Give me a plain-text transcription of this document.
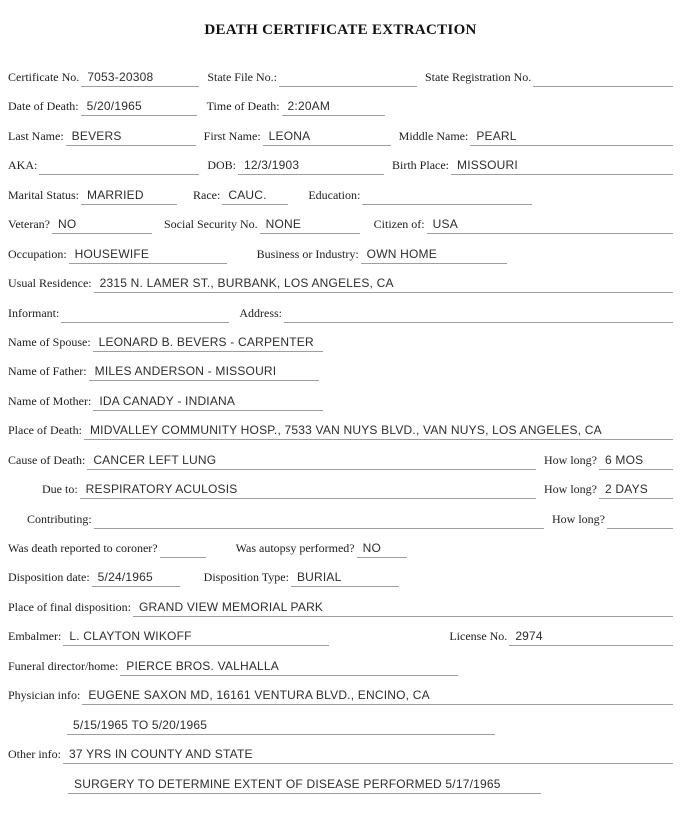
DEATH CERTIFICATE EXTRACTION
Certificate No. 7053-20308	State File No.:	State Registration No.
Date of Death: 5/20/1965	Time of Death: 2:20AM
Last Name: BEVERS	First Name: LEONA	Middle Name: PEARL
AKA:	DOB: 12/3/1903	Birth Place: MISSOURI
Marital Status: MARRIED	Race: CAUC.	Education:
Veteran? NO	Social Security No. NONE	Citizen of: USA
Occupation: HOUSEWIFE	Business or Industry: OWN HOME
Usual Residence: 2315 N. LAMER ST., BURBANK, LOS ANGELES, CA
Informant:	Address:
Name of Spouse: LEONARD B. BEVERS - CARPENTER
Name of Father: MILES ANDERSON - MISSOURI
Name of Mother: IDA CANADY - INDIANA
Place of Death: MIDVALLEY COMMUNITY HOSP., 7533 VAN NUYS BLVD., VAN NUYS, LOS ANGELES, CA
Cause of Death: CANCER LEFT LUNG	How long? 6 MOS
Due to: RESPIRATORY ACULOSIS	How long? 2 DAYS
Contributing:	How long?
Was death reported to coroner?	Was autopsy performed? NO
Disposition date: 5/24/1965	Disposition Type: BURIAL
Place of final disposition: GRAND VIEW MEMORIAL PARK
Embalmer: L. CLAYTON WIKOFF	License No. 2974
Funeral director/home: PIERCE BROS. VALHALLA
Physician info: EUGENE SAXON MD, 16161 VENTURA BLVD., ENCINO, CA
5/15/1965 TO 5/20/1965
Other info: 37 YRS IN COUNTY AND STATE
SURGERY TO DETERMINE EXTENT OF DISEASE PERFORMED 5/17/1965
